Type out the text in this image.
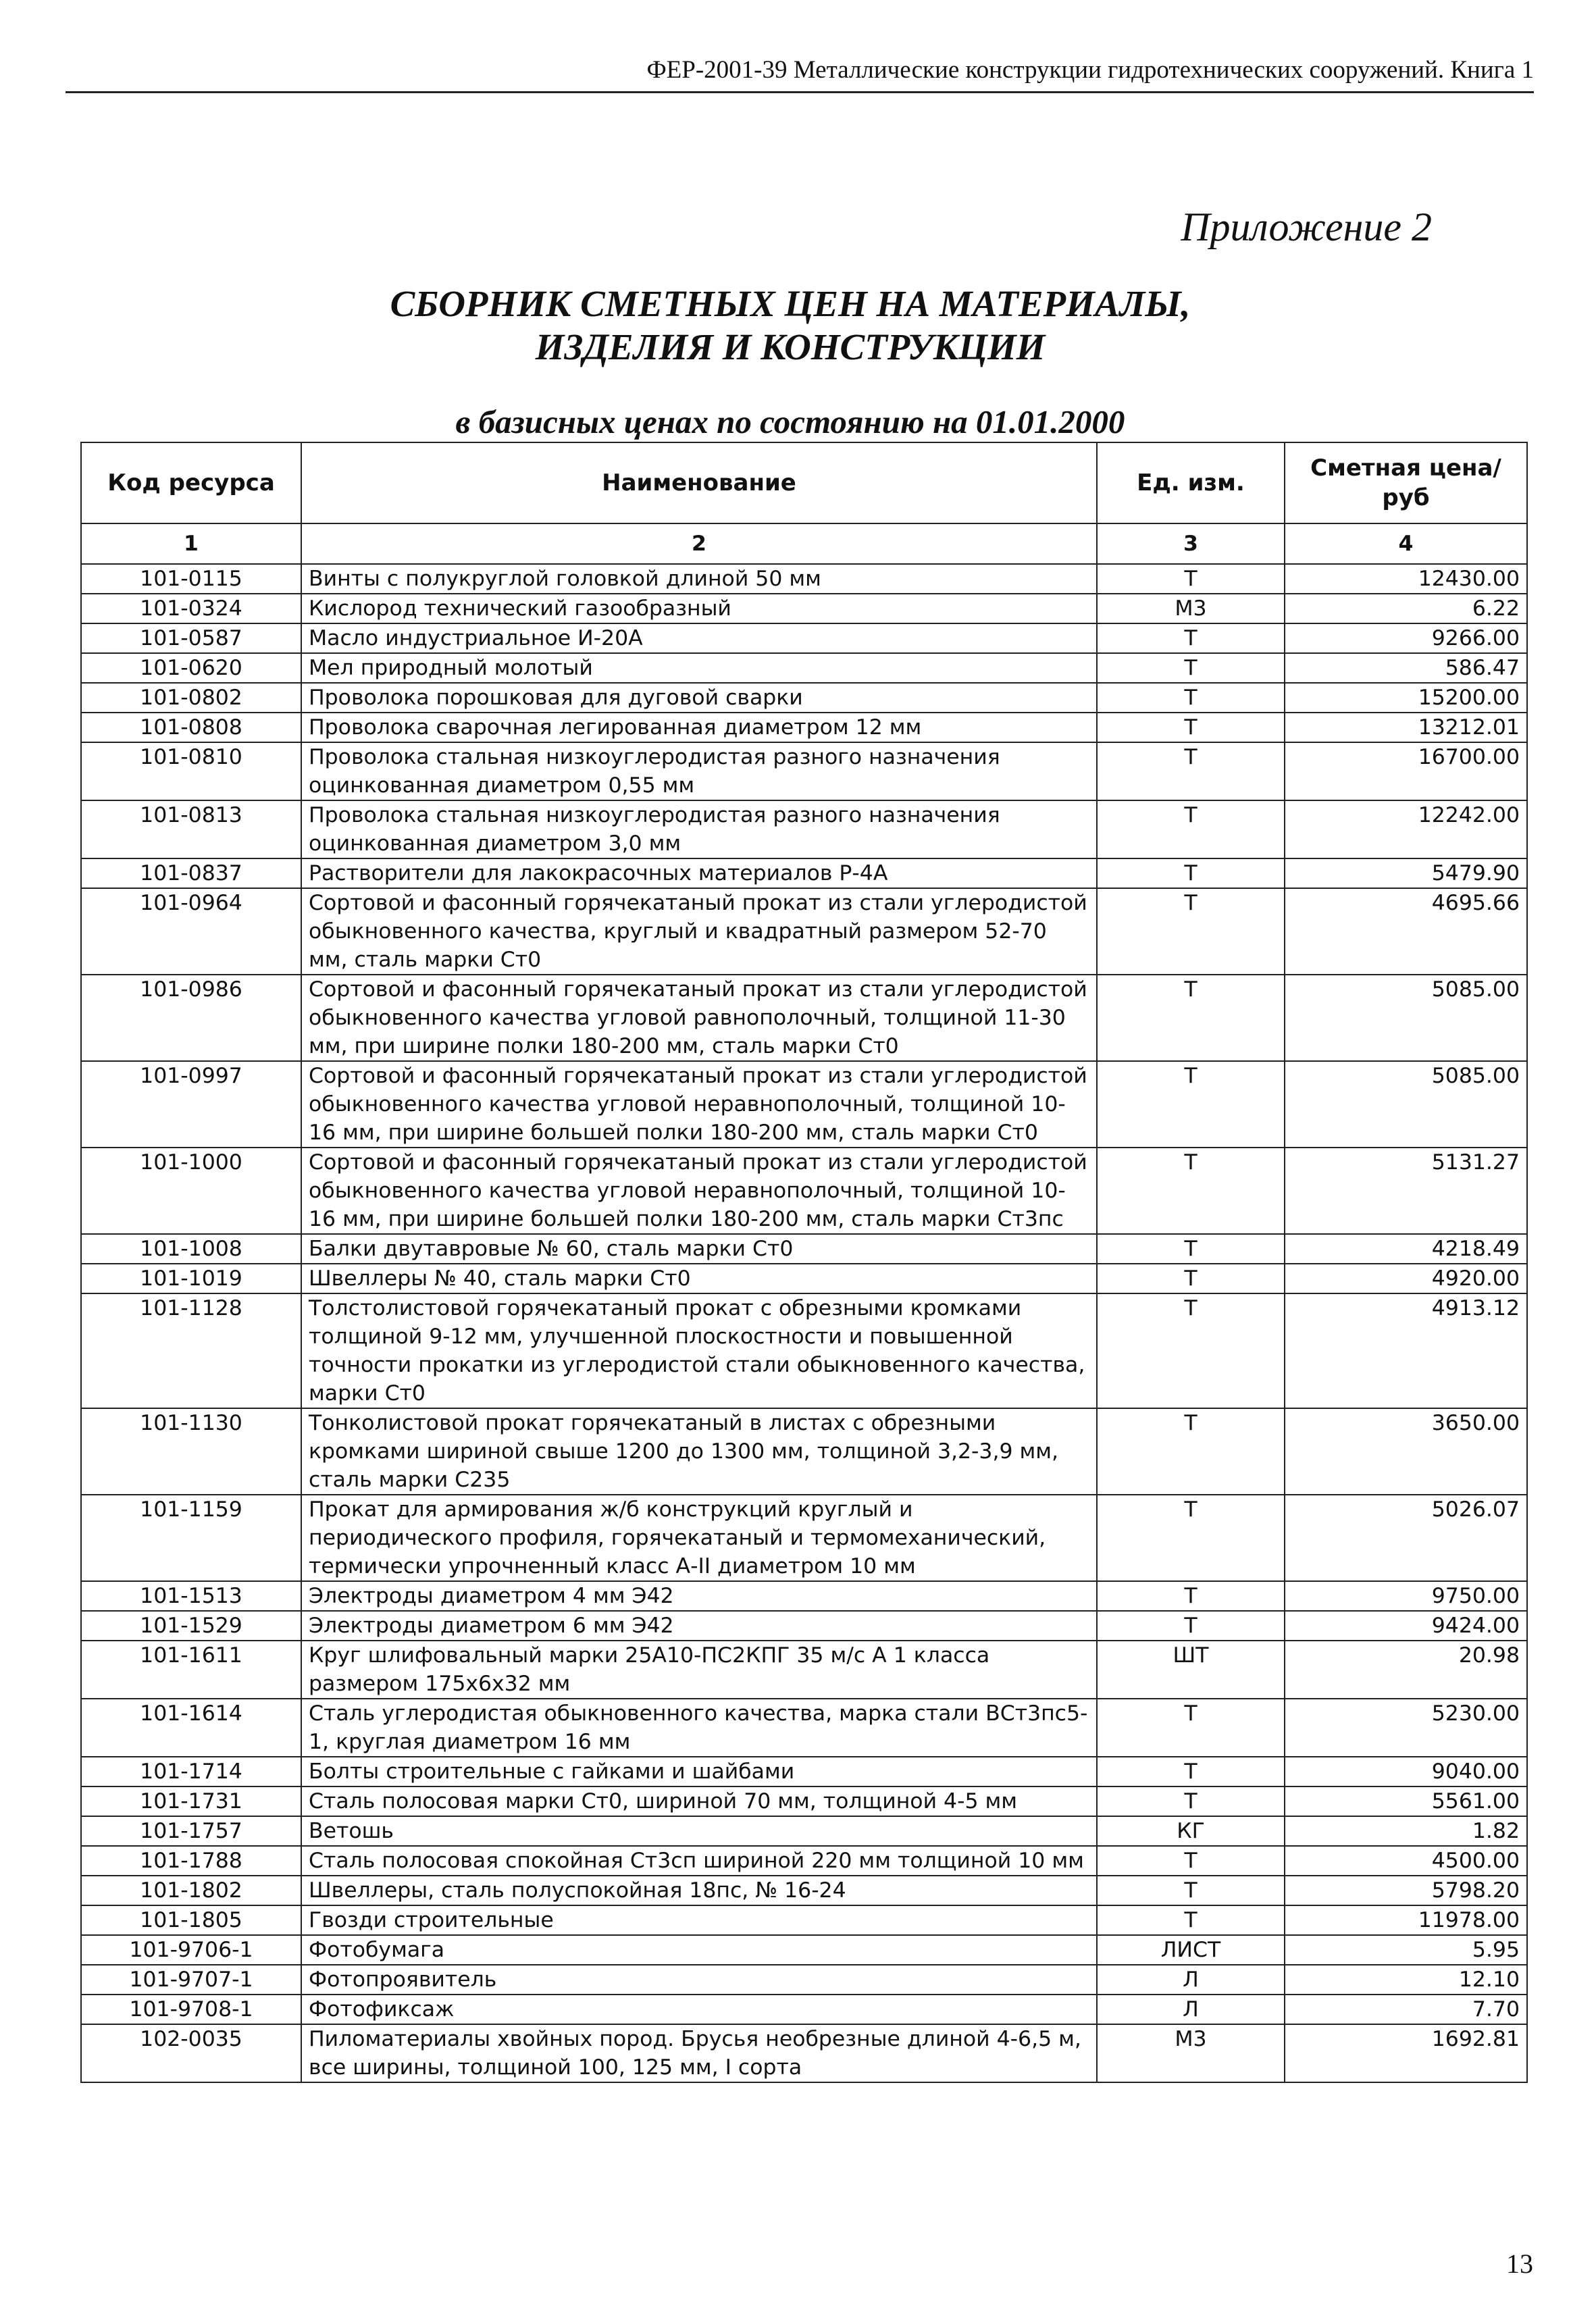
ФЕР-2001-39 Металлические конструкции гидротехнических сооружений. Книга 1
Приложение 2
СБОРНИК СМЕТНЫХ ЦЕН НА МАТЕРИАЛЫ,
ИЗДЕЛИЯ И КОНСТРУКЦИИ
в базисных ценах по состоянию на 01.01.2000
Код ресурса	Наименование	Ед. изм.	Сметная цена/руб
1	2	3	4
101-0115	Винты с полукруглой головкой длиной 50 мм	Т	12430.00
101-0324	Кислород технический газообразный	М3	6.22
101-0587	Масло индустриальное И-20А	Т	9266.00
101-0620	Мел природный молотый	Т	586.47
101-0802	Проволока порошковая для дуговой сварки	Т	15200.00
101-0808	Проволока сварочная легированная диаметром 12 мм	Т	13212.01
101-0810	Проволока стальная низкоуглеродистая разного назначения оцинкованная диаметром 0,55 мм	Т	16700.00
101-0813	Проволока стальная низкоуглеродистая разного назначения оцинкованная диаметром 3,0 мм	Т	12242.00
101-0837	Растворители для лакокрасочных материалов Р-4А	Т	5479.90
101-0964	Сортовой и фасонный горячекатаный прокат из стали углеродистой обыкновенного качества, круглый и квадратный размером 52-70 мм, сталь марки Ст0	Т	4695.66
101-0986	Сортовой и фасонный горячекатаный прокат из стали углеродистой обыкновенного качества угловой равнополочный, толщиной 11-30 мм, при ширине полки 180-200 мм, сталь марки Ст0	Т	5085.00
101-0997	Сортовой и фасонный горячекатаный прокат из стали углеродистой обыкновенного качества угловой неравнополочный, толщиной 10-16 мм, при ширине большей полки 180-200 мм, сталь марки Ст0	Т	5085.00
101-1000	Сортовой и фасонный горячекатаный прокат из стали углеродистой обыкновенного качества угловой неравнополочный, толщиной 10-16 мм, при ширине большей полки 180-200 мм, сталь марки Ст3пс	Т	5131.27
101-1008	Балки двутавровые № 60, сталь марки Ст0	Т	4218.49
101-1019	Швеллеры № 40, сталь марки Ст0	Т	4920.00
101-1128	Толстолистовой горячекатаный прокат с обрезными кромками толщиной 9-12 мм, улучшенной плоскостности и повышенной точности прокатки из углеродистой стали обыкновенного качества, марки Ст0	Т	4913.12
101-1130	Тонколистовой прокат горячекатаный в листах с обрезными кромками шириной свыше 1200 до 1300 мм, толщиной 3,2-3,9 мм, сталь марки С235	Т	3650.00
101-1159	Прокат для армирования ж/б конструкций круглый и периодического профиля, горячекатаный и термомеханический, термически упрочненный класс А-II диаметром 10 мм	Т	5026.07
101-1513	Электроды диаметром 4 мм Э42	Т	9750.00
101-1529	Электроды диаметром 6 мм Э42	Т	9424.00
101-1611	Круг шлифовальный марки 25А10-ПС2КПГ 35 м/с А 1 класса размером 175х6х32 мм	ШТ	20.98
101-1614	Сталь углеродистая обыкновенного качества, марка стали ВСт3пс5-1, круглая диаметром 16 мм	Т	5230.00
101-1714	Болты строительные с гайками и шайбами	Т	9040.00
101-1731	Сталь полосовая марки Ст0, шириной 70 мм, толщиной 4-5 мм	Т	5561.00
101-1757	Ветошь	КГ	1.82
101-1788	Сталь полосовая спокойная Ст3сп шириной 220 мм толщиной 10 мм	Т	4500.00
101-1802	Швеллеры, сталь полуспокойная 18пс, № 16-24	Т	5798.20
101-1805	Гвозди строительные	Т	11978.00
101-9706-1	Фотобумага	ЛИСТ	5.95
101-9707-1	Фотопроявитель	Л	12.10
101-9708-1	Фотофиксаж	Л	7.70
102-0035	Пиломатериалы хвойных пород. Брусья необрезные длиной 4-6,5 м, все ширины, толщиной 100, 125 мм, I сорта	М3	1692.81
13
